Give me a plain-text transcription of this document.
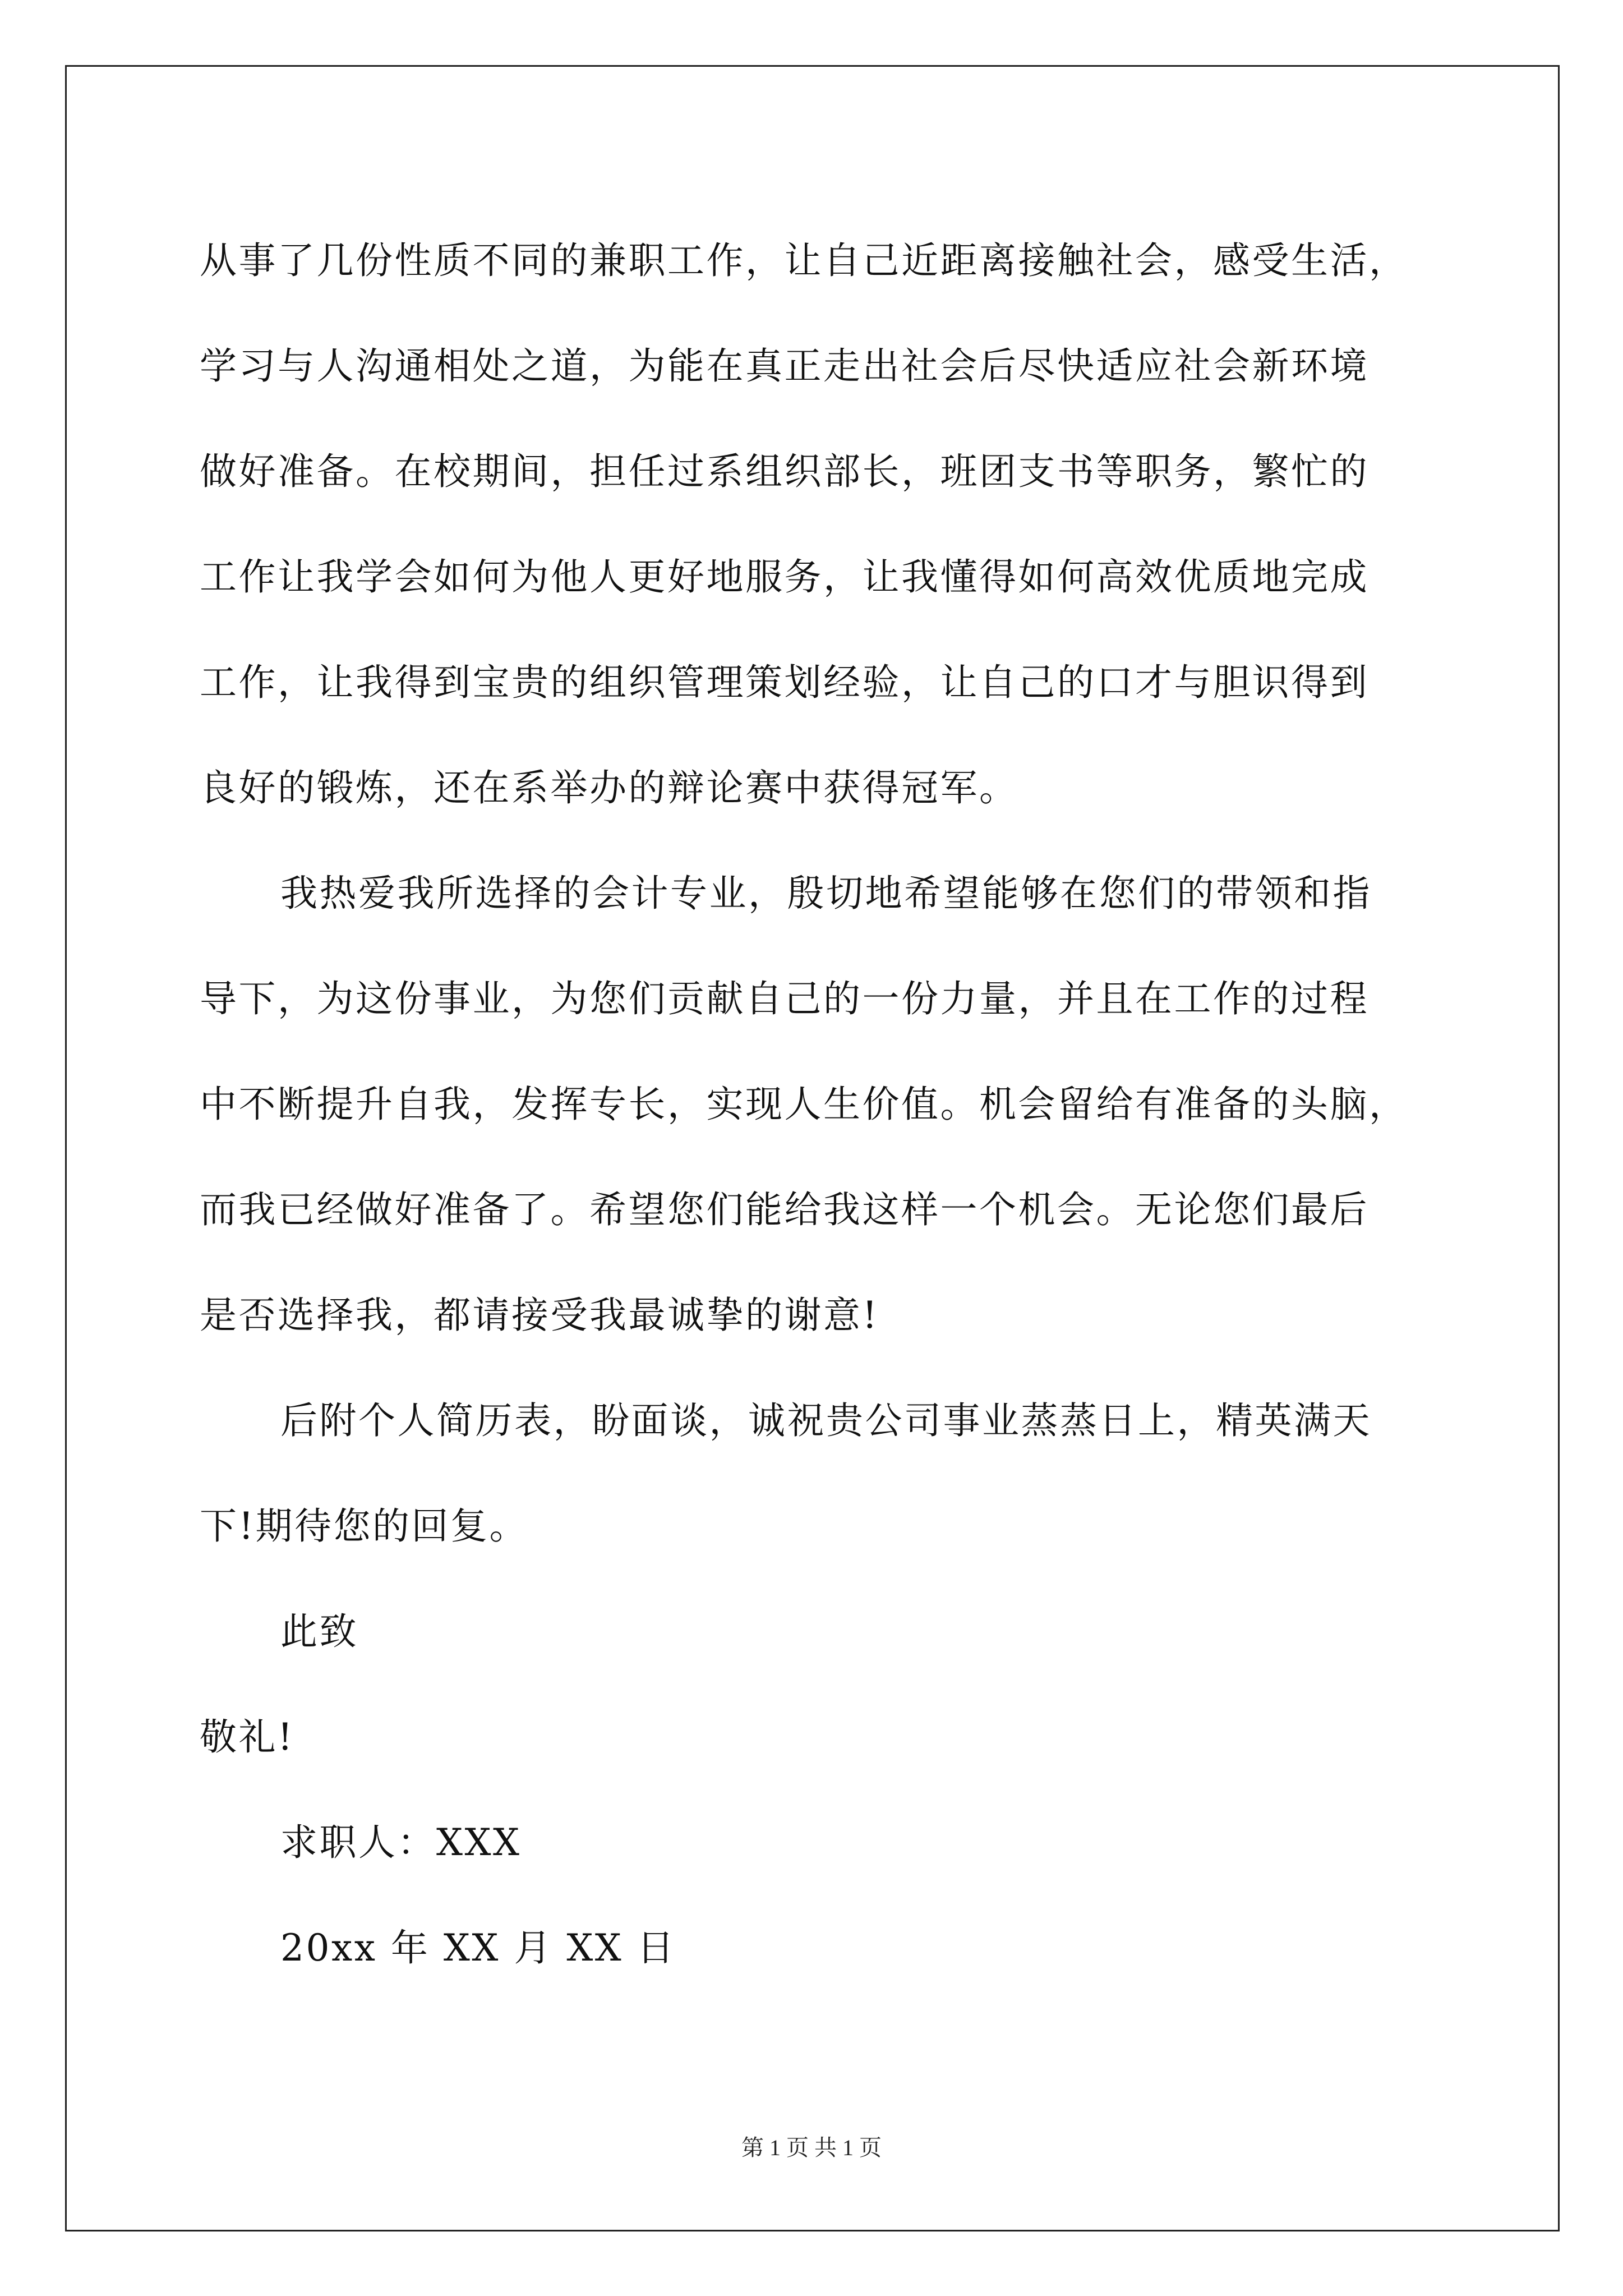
从事了几份性质不同的兼职工作，让自己近距离接触社会，感受生活，
学习与人沟通相处之道，为能在真正走出社会后尽快适应社会新环境
做好准备。在校期间，担任过系组织部长，班团支书等职务，繁忙的
工作让我学会如何为他人更好地服务，让我懂得如何高效优质地完成
工作，让我得到宝贵的组织管理策划经验，让自己的口才与胆识得到
良好的锻炼，还在系举办的辩论赛中获得冠军。
我热爱我所选择的会计专业，殷切地希望能够在您们的带领和指
导下，为这份事业，为您们贡献自己的一份力量，并且在工作的过程
中不断提升自我，发挥专长，实现人生价值。机会留给有准备的头脑，
而我已经做好准备了。希望您们能给我这样一个机会。无论您们最后
是否选择我，都请接受我最诚挚的谢意!
后附个人简历表，盼面谈，诚祝贵公司事业蒸蒸日上，精英满天
下!期待您的回复。
此致
敬礼!
求职人：XXX
20xx 年 XX 月 XX 日
第 1 页 共 1 页
